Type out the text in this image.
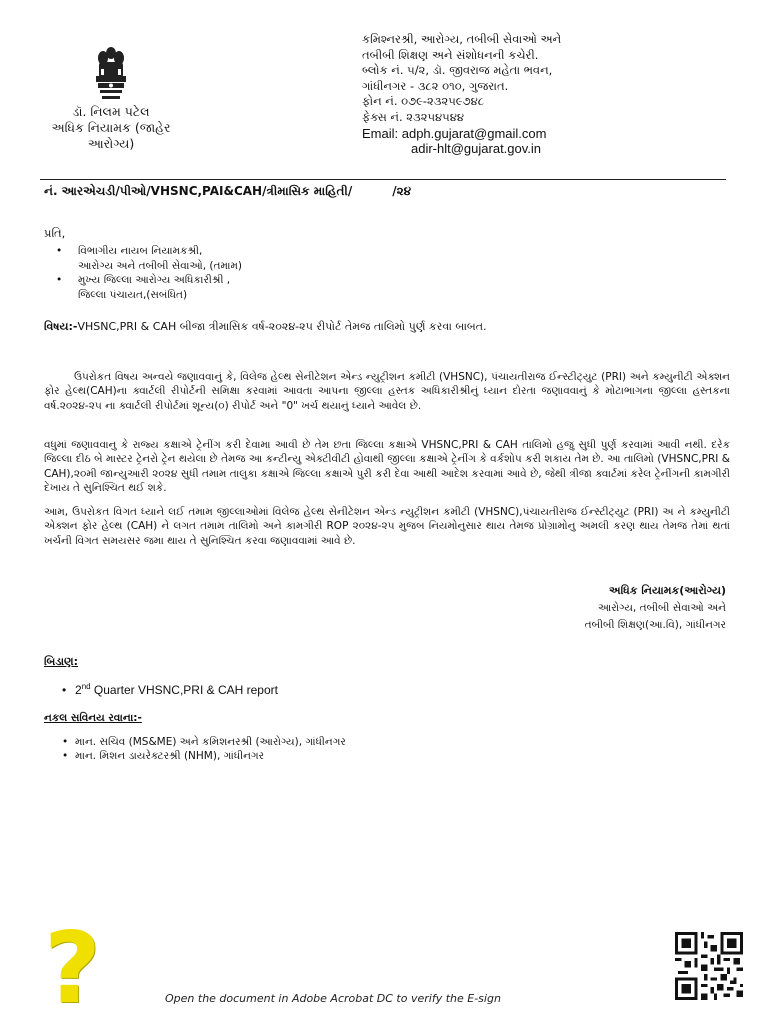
ડૉ. નિલમ પટેલ
અધિક નિયામક (જાહેર
આરોગ્ય)
કમિશ્નરશ્રી, આરોગ્ય, તબીબી સેવાઓ અને
તબીબી શિક્ષણ અને સંશોધનની કચેરી.
બ્લોક નં. ૫/૨, ડૉ. જીવરાજ મહેતા ભવન,
ગાંધીનગર - ૩૮૨ ૦૧૦, ગુજરાત.
ફોન નં. ૦૭૯-૨૩૨૫૯૭૪૮
ફેક્સ નં. ૨૩૨૫૪૫૪૪
Email: adph.gujarat@gmail.com
adir-hlt@gujarat.gov.in
નં. આરએચડી/પીઓ/VHSNC,PAI&CAH/ત્રીમાસિક માહિતી/	/૨૪
પ્રતિ,
• વિભાગીય નાયબ નિયામકશ્રી,
આરોગ્ય અને તબીબી સેવાઓ, (તમામ)
• મુખ્ય જિલ્લા આરોગ્ય અધિકારીશ્રી ,
જિલ્લા પંચાયત,(સબંધિત)
વિષય:-VHSNC,PRI & CAH બીજા ત્રીમાસિક વર્ષ-૨૦૨૪-૨૫ રીપોર્ટ તેમજ તાલિમો પુર્ણ કરવા બાબત.
ઉપરોકત વિષય અન્વયે જણાવવાનું કે, વિલેજ હેલ્થ સેનીટેશન એન્ડ ન્યુટ્રીશન કમીટી (VHSNC), પંચાયતીરાજ ઈન્સ્ટીટ્યુટ (PRI) અને કમ્યુનીટી એક્શન ફોર હેલ્થ(CAH)ના ક્વાર્ટલી રીપોર્ટની સમિક્ષા કરવામાં આવતા આપના જીલ્લા હસ્તક અધિકારીશ્રીનું ધ્યાન દોરતા જણાવવાનું કે મોટાભાગના જીલ્લા હસ્તકના વર્ષ.૨૦૨૪-૨૫ ના ક્વાર્ટલી રીપોર્ટમાં શૂન્ય(૦) રીપોર્ટ અને "0" ખર્ચ થયાનું ધ્યાને આવેલ છે.
વધુમાં જણાવવાનુ કે રાજ્ય કક્ષાએ ટ્રેનીંગ કરી દેવામા આવી છે તેમ છતા જિલ્લા કક્ષાએ VHSNC,PRI & CAH તાલિમો હજુ સુધી પુર્ણ કરવામાં આવી નથી. દરેક જિલ્લા દીઠ બે માસ્ટર ટ્રેનરો ટ્રેન થયેલા છે તેમજ આ કન્ટીન્યુ એક્ટીવીટી હોવાથી જીલ્લા કક્ષાએ ટ્રેનીંગ કે વર્કશોપ કરી શકાય તેમ છે. આ તાલિમો (VHSNC,PRI & CAH),૨૦મી જાન્યુઆરી ૨૦૨૪ સુધી તમામ તાલુકા કક્ષાએ જિલ્લા કક્ષાએ પુરી કરી દેવા આથી આદેશ કરવામાં આવે છે, જેથી ત્રીજા ક્વાર્ટમાં કરેલ ટ્રેનીંગની કામગીરી દેખાય તે સુનિશ્ચિત થઈ શકે.
આમ, ઉપરોકત વિગત ધ્યાને લઈ તમામ જીલ્લાઓમાં વિલેજ હેલ્થ સેનીટેશન એન્ડ ન્યુટ્રીશન કમીટી (VHSNC),પંચાયતીરાજ ઈન્સ્ટીટ્યુટ (PRI) અ ને કમ્યુનીટી એક્શન ફોર હેલ્થ (CAH) ને લગત તમામ તાલિમો અને કામગીરી ROP ૨૦૨૪-૨૫ મુજબ નિયમોનુસાર થાય તેમજ પ્રોગ્રામોનુ અમલી કરણ થાય તેમજ તેમાં થતાં ખર્ચની વિગત સમયસર જમા થાય તે સુનિશ્ચિત કરવા જણાવવામાં આવે છે.
અધિક નિયામક(આરોગ્ય)
આરોગ્ય, તબીબી સેવાઓ અને
તબીબી શિક્ષણ(આ.વિ), ગાંધીનગર
બિડાણ:
• 2nd Quarter VHSNC,PRI & CAH report
નકલ સવિનય રવાના:-
• માન. સચિવ (MS&ME) અને કમિશનરશ્રી (આરોગ્ય), ગાંધીનગર
• માન. મિશન ડાયરેક્ટરશ્રી (NHM), ગાંધીનગર
?	Open the document in Adobe Acrobat DC to verify the E-sign
